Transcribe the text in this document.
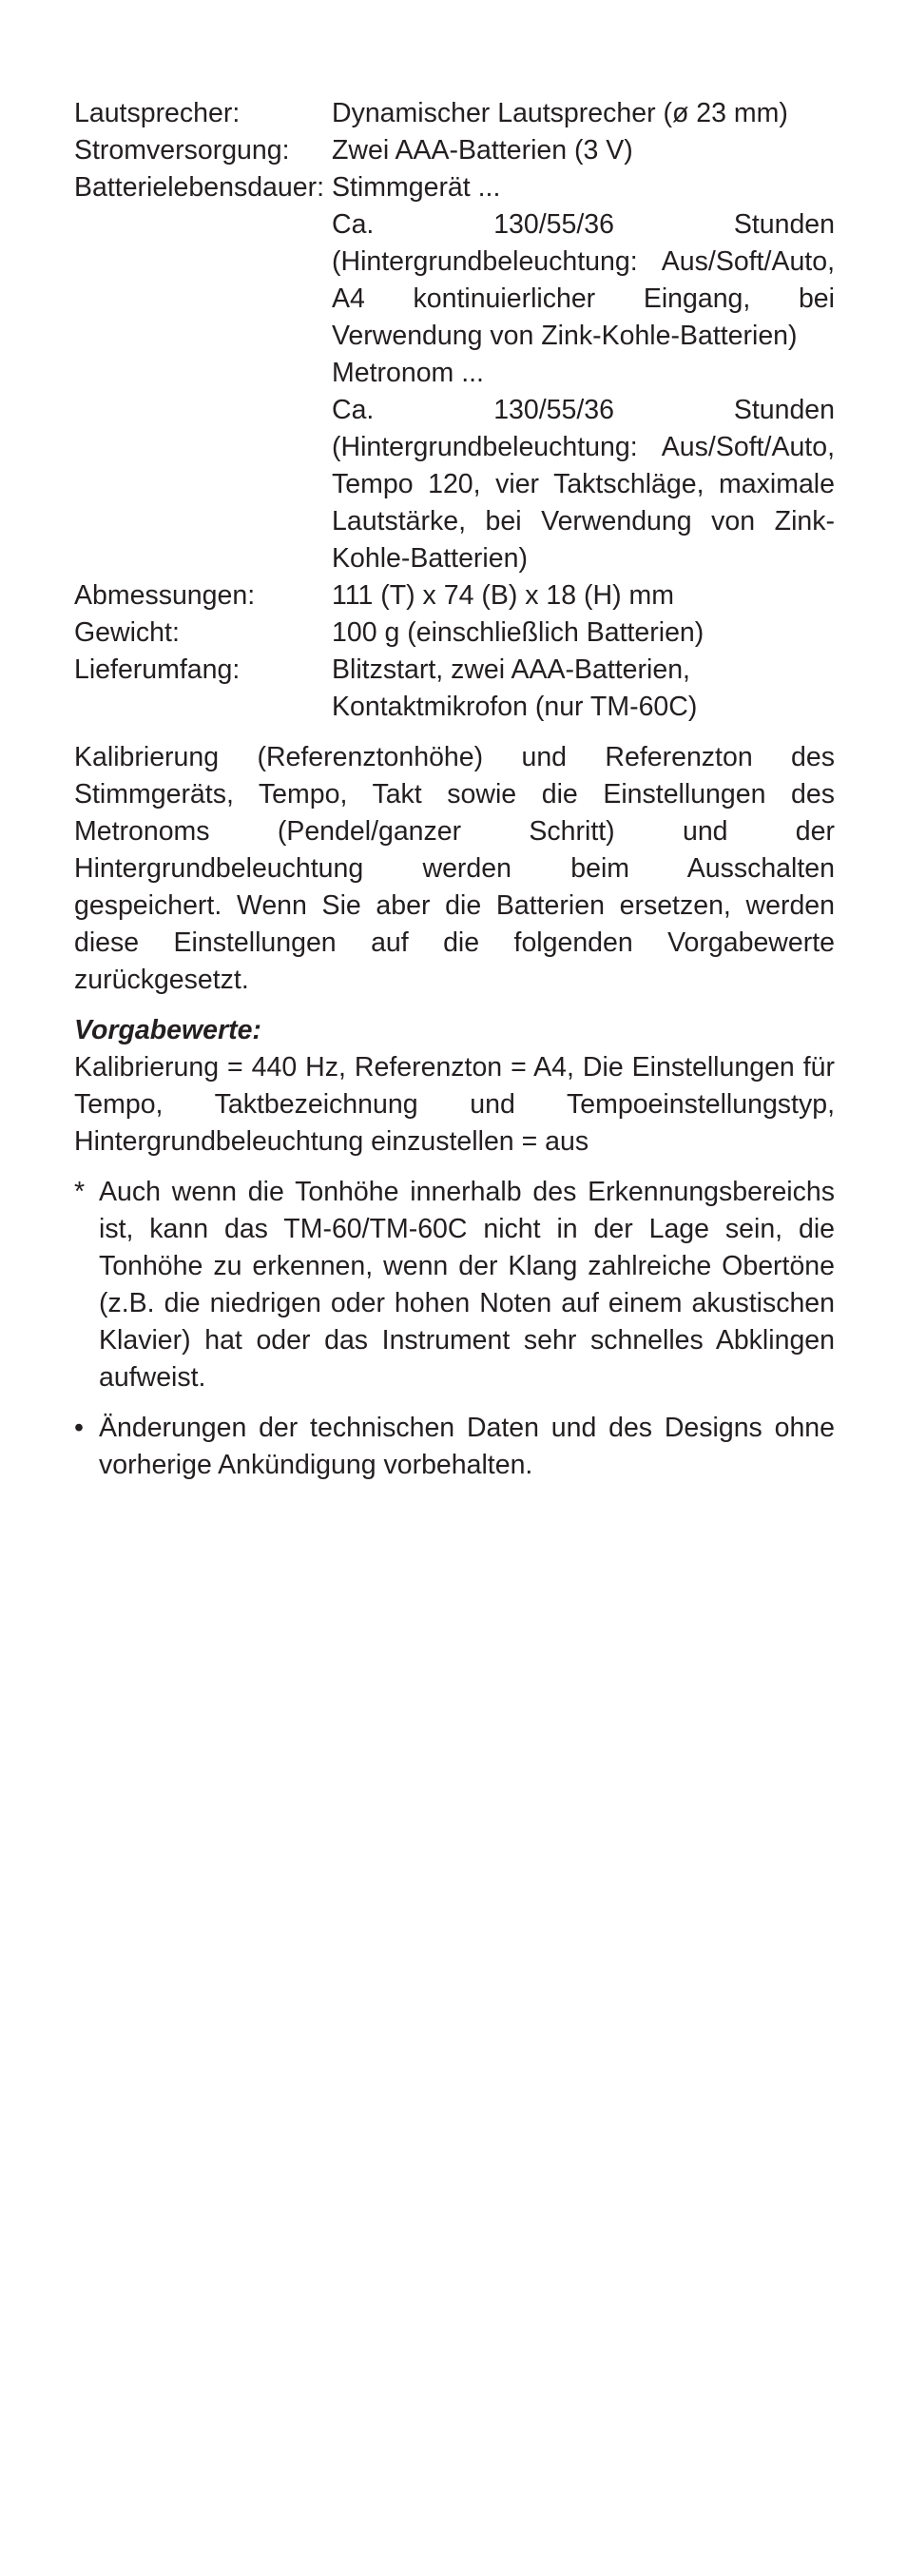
Lautsprecher:	Dynamischer Lautsprecher (ø 23 mm)
Stromversorgung:	Zwei AAA-Batterien (3 V)
Batterielebensdauer: Stimmgerät ...
Ca. 130/55/36 Stunden (Hintergrundbeleuchtung: Aus/Soft/Auto, A4 kontinuierlicher Eingang, bei Verwendung von Zink-Kohle-Batterien)
Metronom ...
Ca. 130/55/36 Stunden (Hintergrundbeleuchtung: Aus/Soft/Auto, Tempo 120, vier Taktschläge, maximale Lautstärke, bei Verwendung von Zink-Kohle-Batterien)
Abmessungen:	111 (T) x 74 (B) x 18 (H) mm
Gewicht:	100 g (einschließlich Batterien)
Lieferumfang:	Blitzstart, zwei AAA-Batterien, Kontaktmikrofon (nur TM-60C)

Kalibrierung (Referenztonhöhe) und Referenzton des Stimmgeräts, Tempo, Takt sowie die Einstellungen des Metronoms (Pendel/ganzer Schritt) und der Hintergrundbeleuchtung werden beim Ausschalten gespeichert. Wenn Sie aber die Batterien ersetzen, werden diese Einstellungen auf die folgenden Vorgabewerte zurückgesetzt.

Vorgabewerte:
Kalibrierung = 440 Hz, Referenzton = A4, Die Einstellungen für Tempo, Taktbezeichnung und Tempoeinstellungstyp, Hintergrundbeleuchtung einzustellen = aus
* Auch wenn die Tonhöhe innerhalb des Erkennungsbereichs ist, kann das TM-60/TM-60C nicht in der Lage sein, die Tonhöhe zu erkennen, wenn der Klang zahlreiche Obertöne (z.B. die niedrigen oder hohen Noten auf einem akustischen Klavier) hat oder das Instrument sehr schnelles Abklingen aufweist.
• Änderungen der technischen Daten und des Designs ohne vorherige Ankündigung vorbehalten.
